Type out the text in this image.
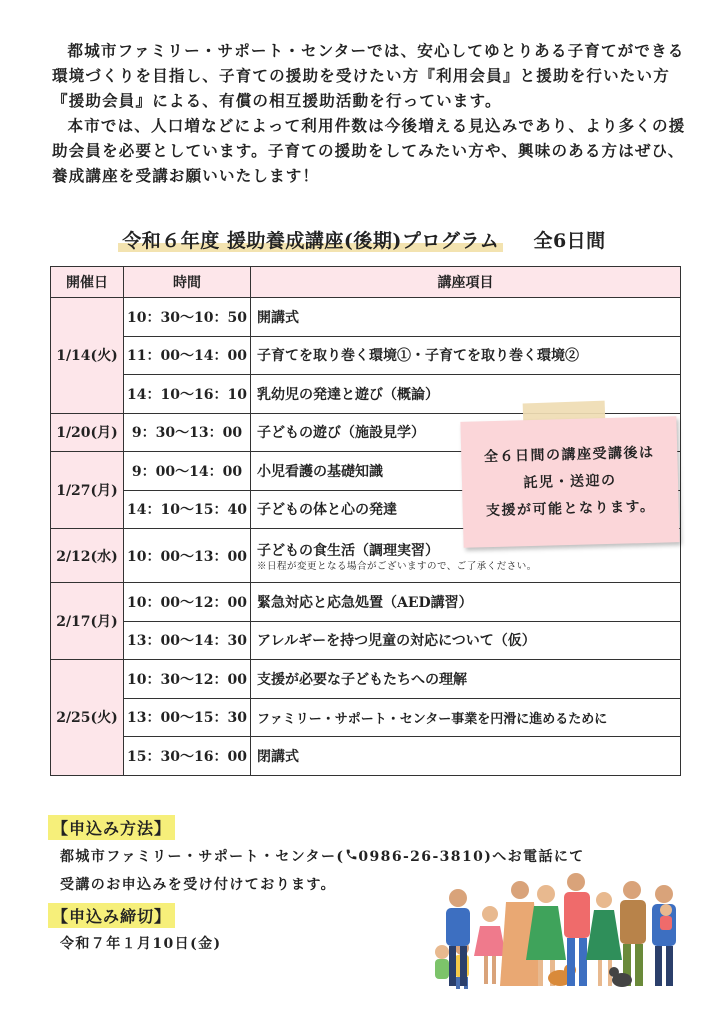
都城市ファミリー・サポート・センターでは、安心してゆとりある子育てができる環境づくりを目指し、子育ての援助を受けたい方『利用会員』と援助を行いたい方『援助会員』による、有償の相互援助活動を行っています。

本市では、人口増などによって利用件数は今後増える見込みであり、より多くの援助会員を必要としています。子育ての援助をしてみたい方や、興味のある方はぜひ、養成講座を受講お願いいたします！

令和６年度 援助養成講座(後期)プログラム 全6日間
開催日	時間	講座項目
1/14(火)	10：30〜10：50	開講式
	11：00〜14：00	子育てを取り巻く環境①・子育てを取り巻く環境②
	14：10〜16：10	乳幼児の発達と遊び（概論）
1/20(月)	9：30〜13：00	子どもの遊び（施設見学）
1/27(月)	9：00〜14：00	小児看護の基礎知識
	14：10〜15：40	子どもの体と心の発達
2/12(水)	10：00〜13：00	子どもの食生活（調理実習）
※日程が変更となる場合がございますので、ご了承ください。

2/17(月)	10：00〜12：00	緊急対応と応急処置（AED講習）
	13：00〜14：30	アレルギーを持つ児童の対応について（仮）
2/25(火)	10：30〜12：00	支援が必要な子どもたちへの理解
	13：00〜15：30	ファミリー・サポート・センター事業を円滑に進めるために
	15：30〜16：00	閉講式
全６日間の講座受講後は
託児・送迎の
支援が可能となります。
【申込み方法】
都城市ファミリー・サポート・センター( 0986-26-3810)へお電話にて
受講のお申込みを受け付けております。
【申込み締切】
令和７年１月10日(金)
